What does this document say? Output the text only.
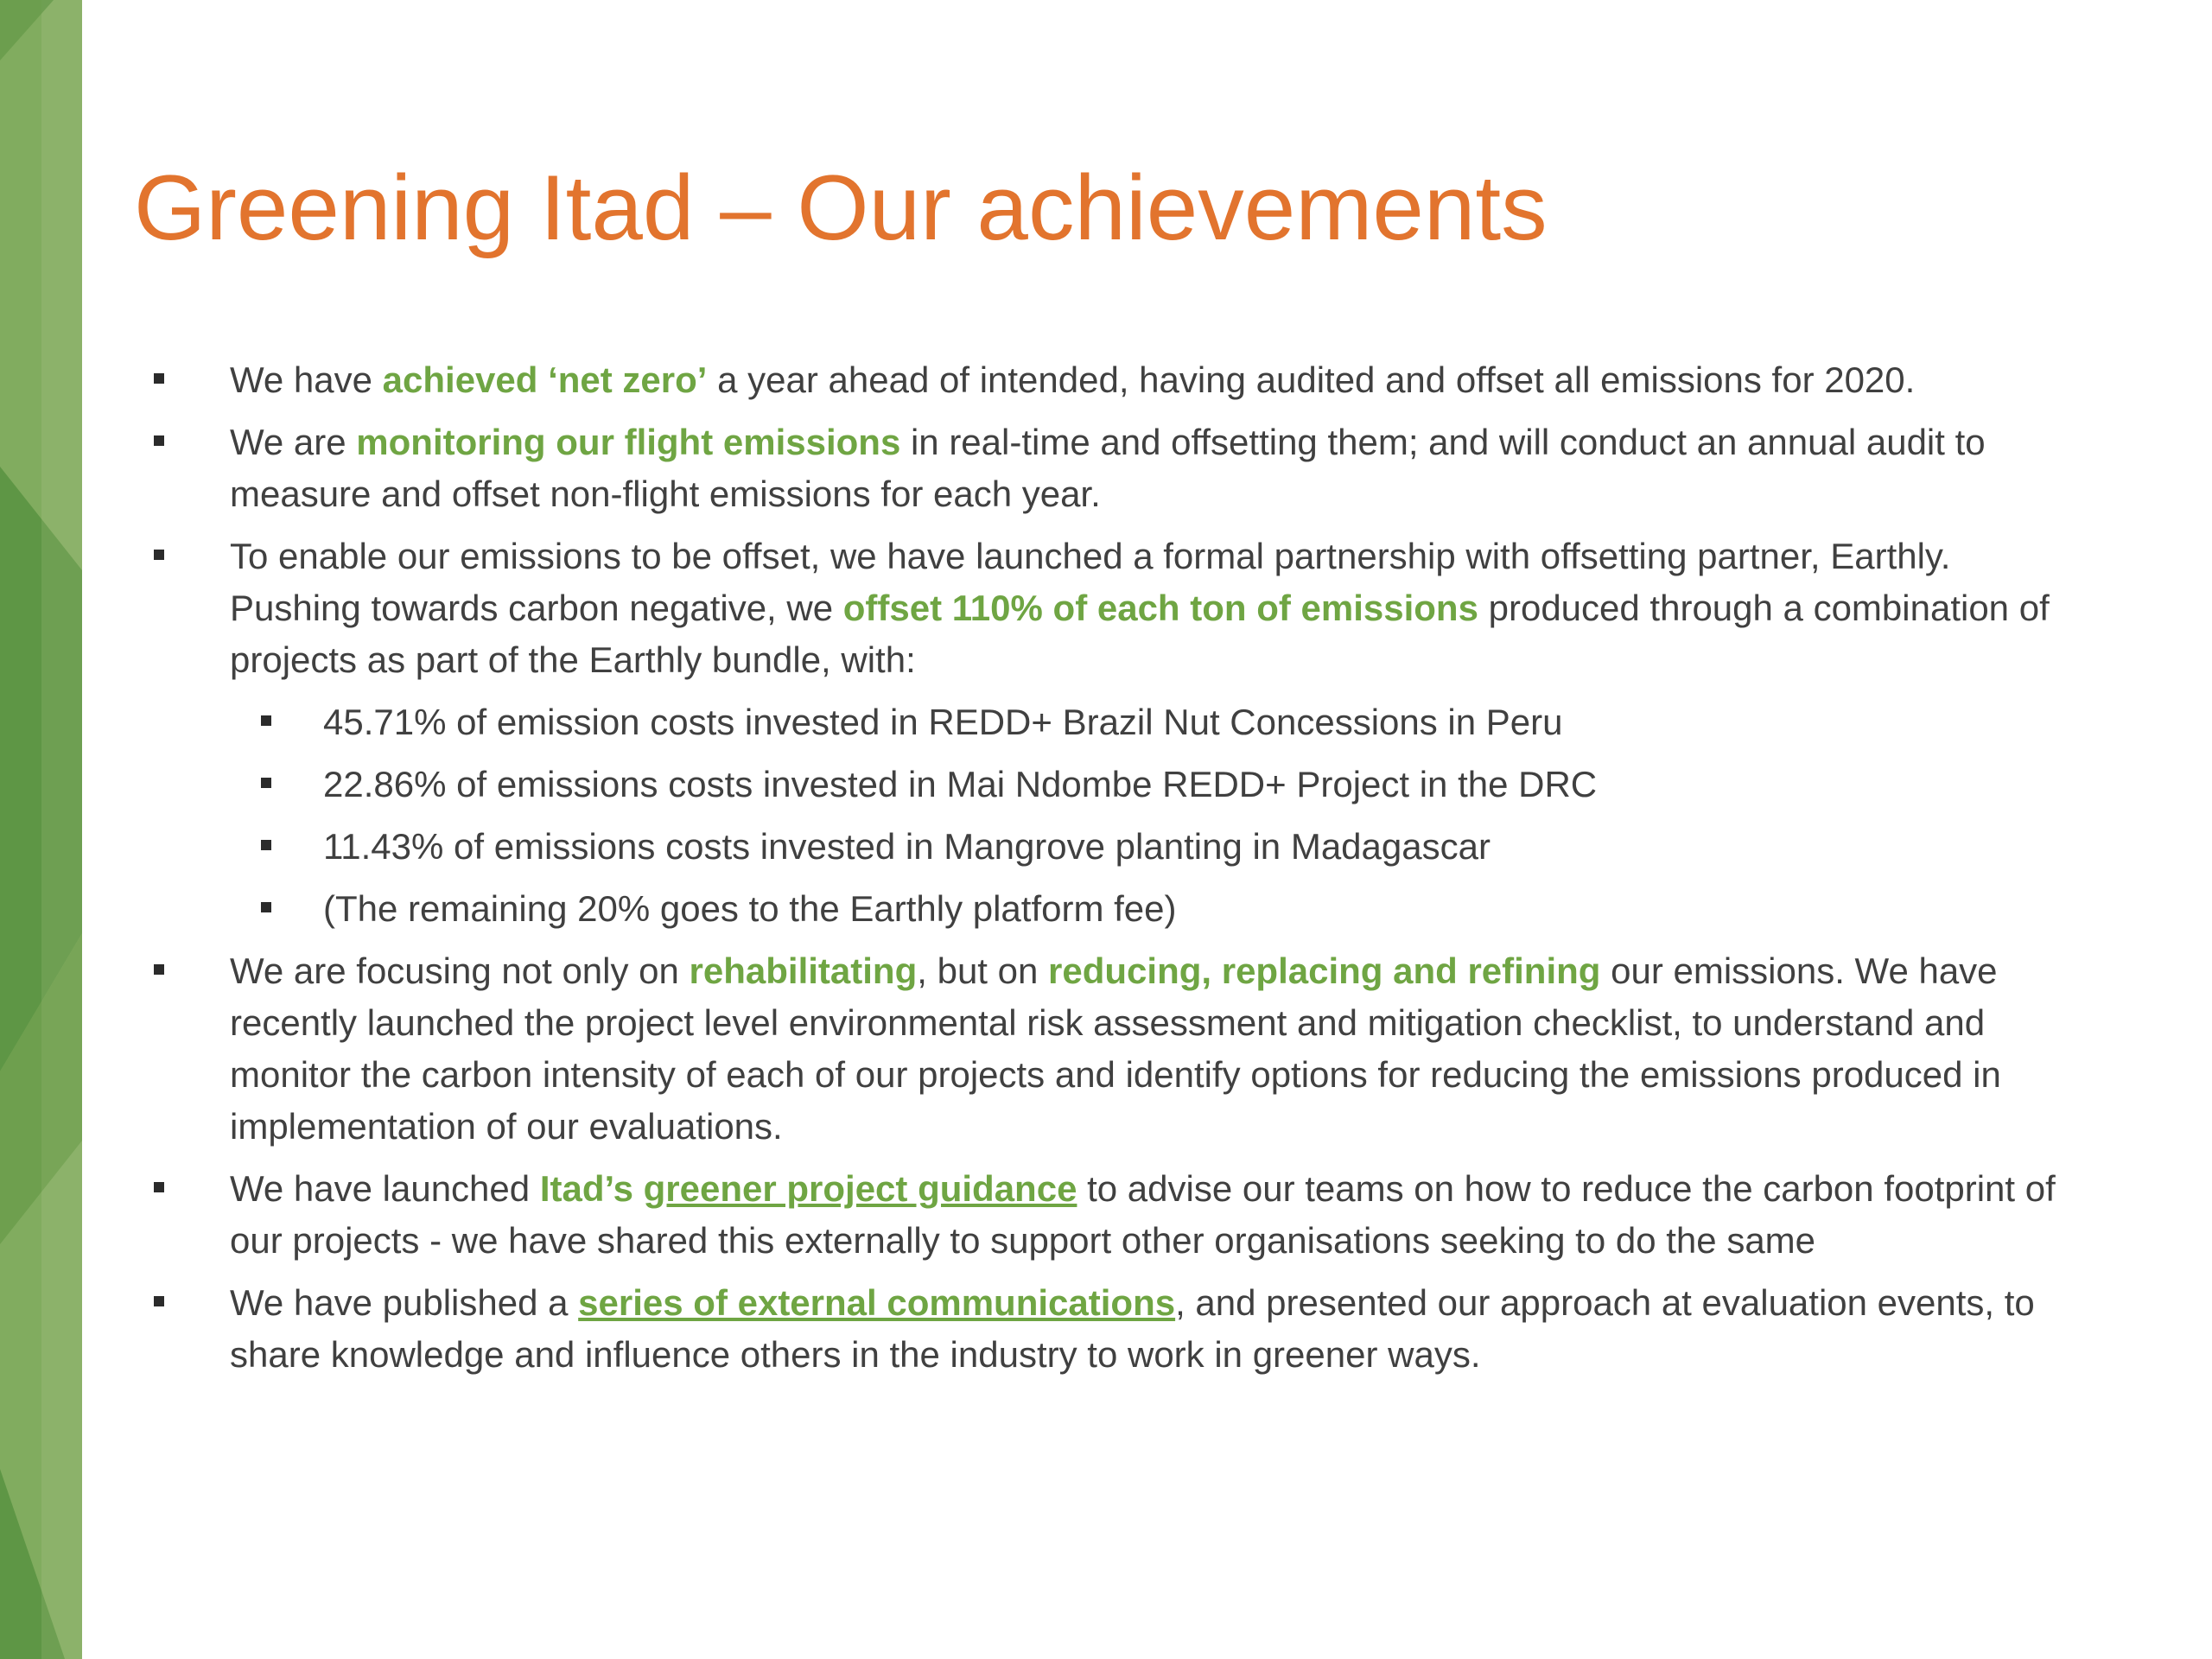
Greening Itad – Our achievements
We have achieved ‘net zero’ a year ahead of intended, having audited and offset all emissions for 2020.
We are monitoring our flight emissions in real-time and offsetting them; and will conduct an annual audit to measure and offset non-flight emissions for each year.
To enable our emissions to be offset, we have launched a formal partnership with offsetting partner, Earthly. Pushing towards carbon negative, we offset 110% of each ton of emissions produced through a combination of projects as part of the Earthly bundle, with:
45.71% of emission costs invested in REDD+ Brazil Nut Concessions in Peru
22.86% of emissions costs invested in Mai Ndombe REDD+ Project in the DRC
11.43% of emissions costs invested in Mangrove planting in Madagascar
(The remaining 20% goes to the Earthly platform fee)
We are focusing not only on rehabilitating, but on reducing, replacing and refining our emissions. We have recently launched the project level environmental risk assessment and mitigation checklist, to understand and monitor the carbon intensity of each of our projects and identify options for reducing the emissions produced in implementation of our evaluations.
We have launched Itad’s greener project guidance to advise our teams on how to reduce the carbon footprint of our projects - we have shared this externally to support other organisations seeking to do the same
We have published a series of external communications, and presented our approach at evaluation events, to share knowledge and influence others in the industry to work in greener ways.
